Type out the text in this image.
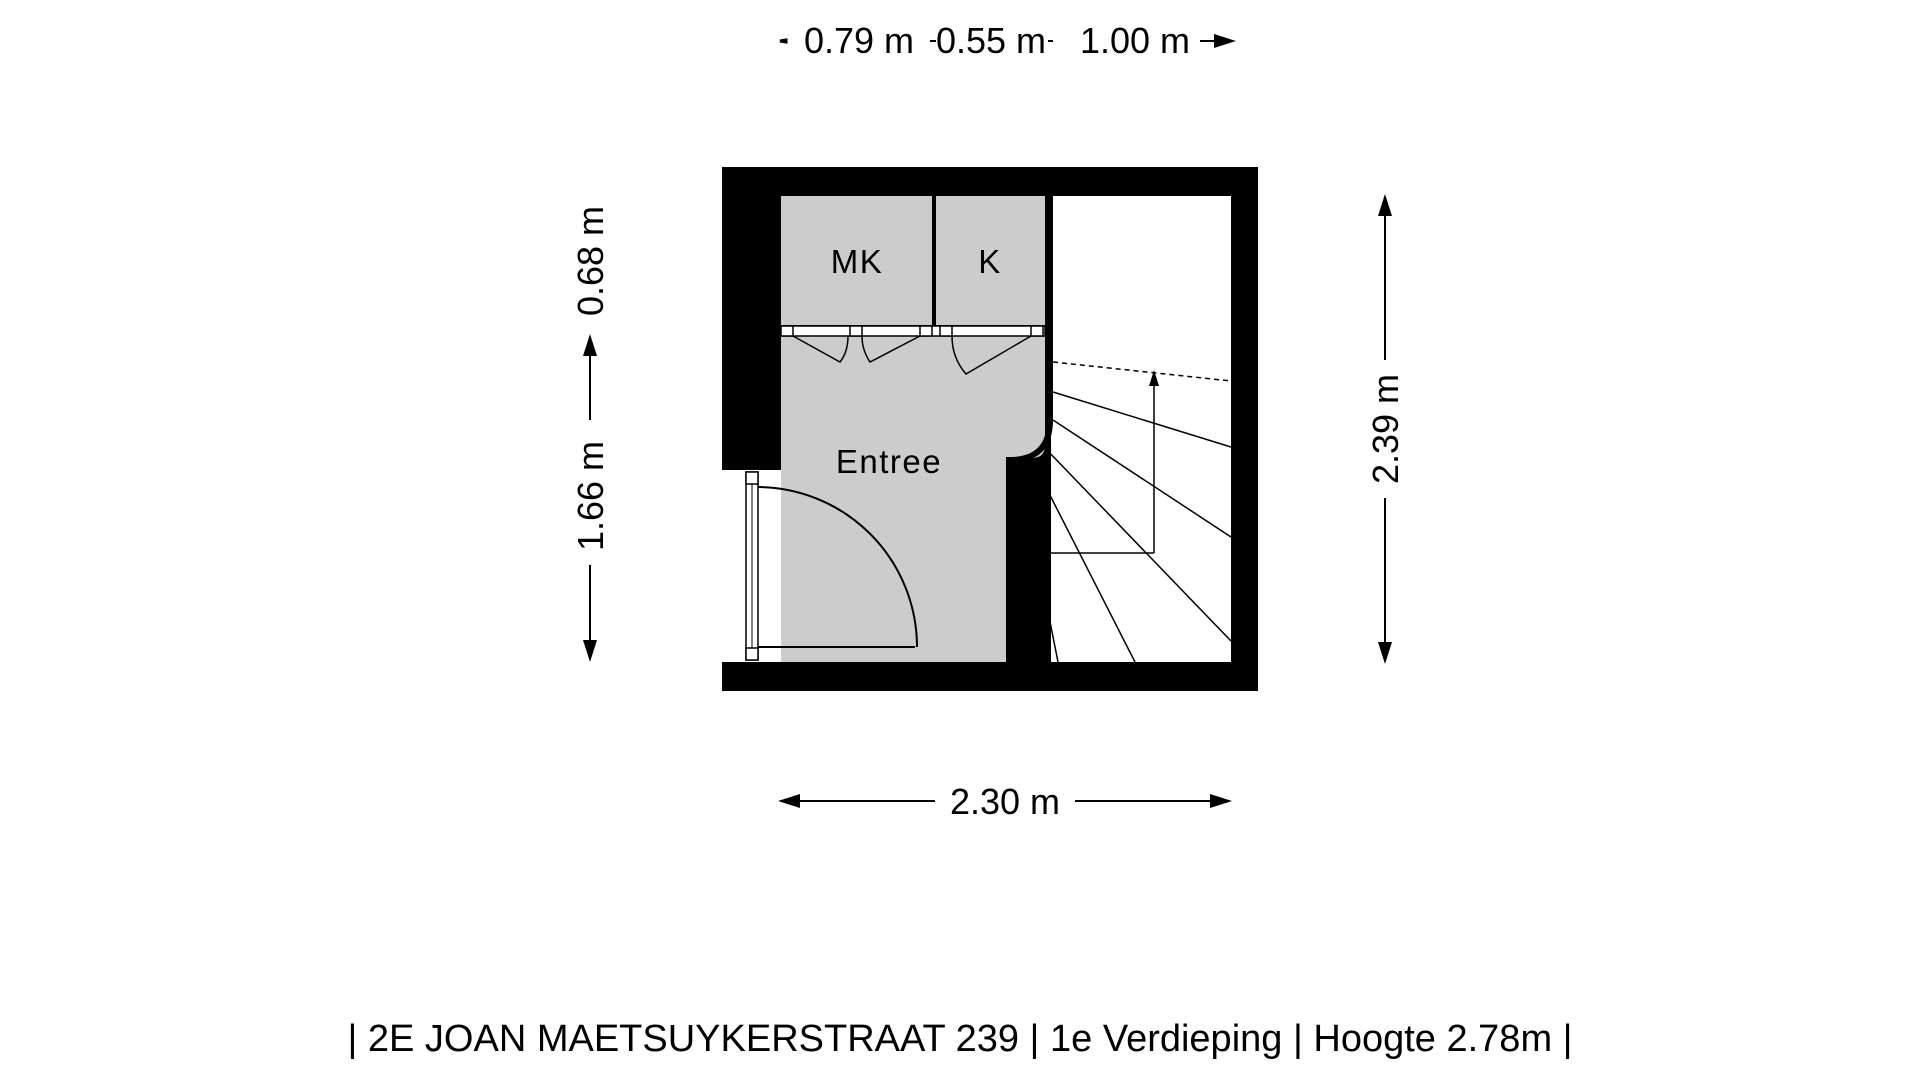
MK	K
Entree
0.79 m 0.55 m 1.00 m
0.68 m
1.66 m
2.39 m
2.30 m
| 2E JOAN MAETSUYKERSTRAAT 239 | 1e Verdieping | Hoogte 2.78m |
